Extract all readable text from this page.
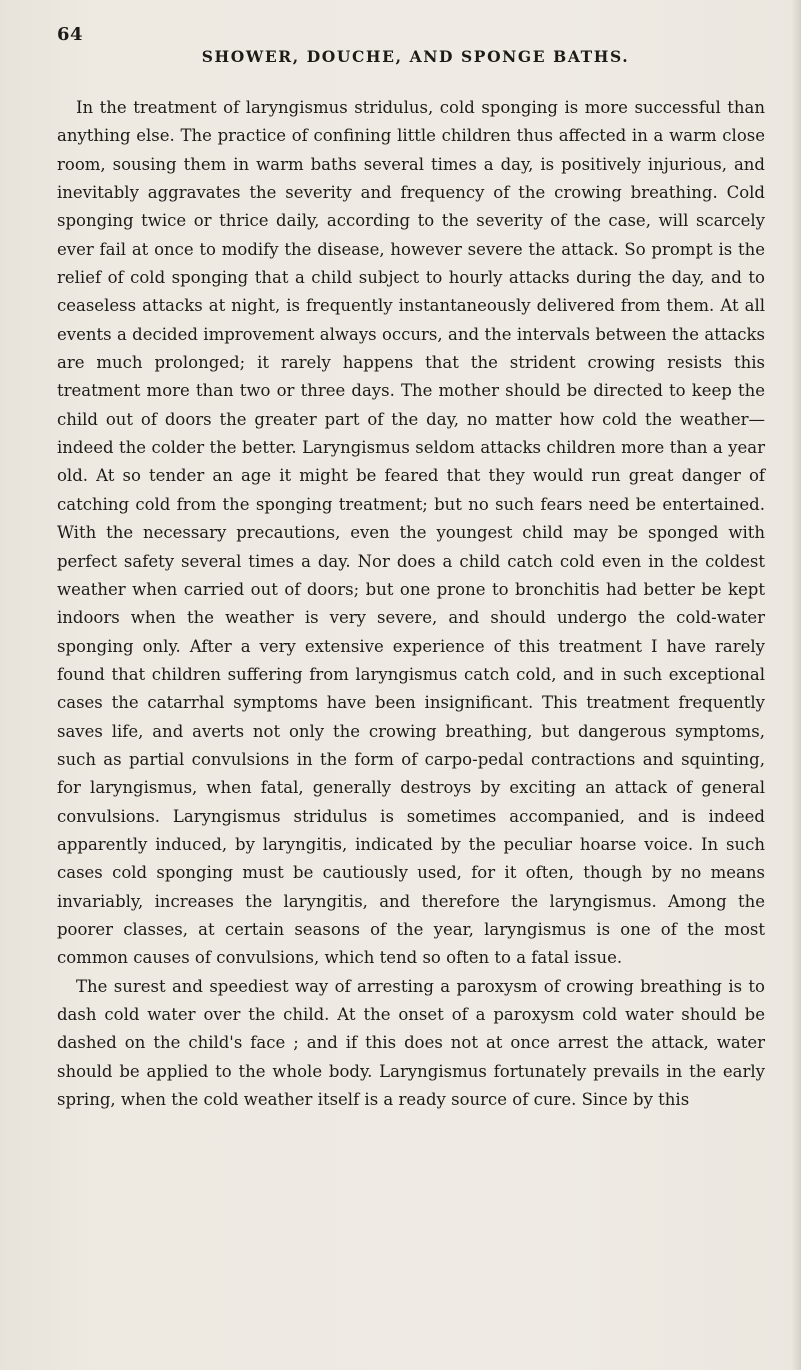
64
SHOWER, DOUCHE, AND SPONGE BATHS.

In the treatment of laryngismus stridulus, cold sponging is more successful than anything else. The practice of confining little children thus affected in a warm close room, sousing them in warm baths several times a day, is positively injurious, and inevitably aggravates the severity and frequency of the crowing breathing. Cold sponging twice or thrice daily, according to the severity of the case, will scarcely ever fail at once to modify the disease, however severe the attack. So prompt is the relief of cold sponging that a child subject to hourly attacks during the day, and to ceaseless attacks at night, is frequently instantaneously delivered from them. At all events a decided improvement always occurs, and the intervals between the attacks are much prolonged; it rarely happens that the strident crowing resists this treatment more than two or three days. The mother should be directed to keep the child out of doors the greater part of the day, no matter how cold the weather—indeed the colder the better. Laryngismus seldom attacks children more than a year old. At so tender an age it might be feared that they would run great danger of catching cold from the sponging treatment; but no such fears need be entertained. With the necessary precautions, even the youngest child may be sponged with perfect safety several times a day. Nor does a child catch cold even in the coldest weather when carried out of doors; but one prone to bronchitis had better be kept indoors when the weather is very severe, and should undergo the cold-water sponging only. After a very extensive experience of this treatment I have rarely found that children suffering from laryngismus catch cold, and in such exceptional cases the catarrhal symptoms have been insignificant. This treatment frequently saves life, and averts not only the crowing breathing, but dangerous symptoms, such as partial convulsions in the form of carpo-pedal contractions and squinting, for laryngismus, when fatal, generally destroys by exciting an attack of general convulsions. Laryngismus stridulus is sometimes accompanied, and is indeed apparently induced, by laryngitis, indicated by the peculiar hoarse voice. In such cases cold sponging must be cautiously used, for it often, though by no means invariably, increases the laryngitis, and therefore the laryngismus. Among the poorer classes, at certain seasons of the year, laryngismus is one of the most common causes of convulsions, which tend so often to a fatal issue.

The surest and speediest way of arresting a paroxysm of crowing breathing is to dash cold water over the child. At the onset of a paroxysm cold water should be dashed on the child's face ; and if this does not at once arrest the attack, water should be applied to the whole body. Laryngismus fortunately prevails in the early spring, when the cold weather itself is a ready source of cure. Since by this
